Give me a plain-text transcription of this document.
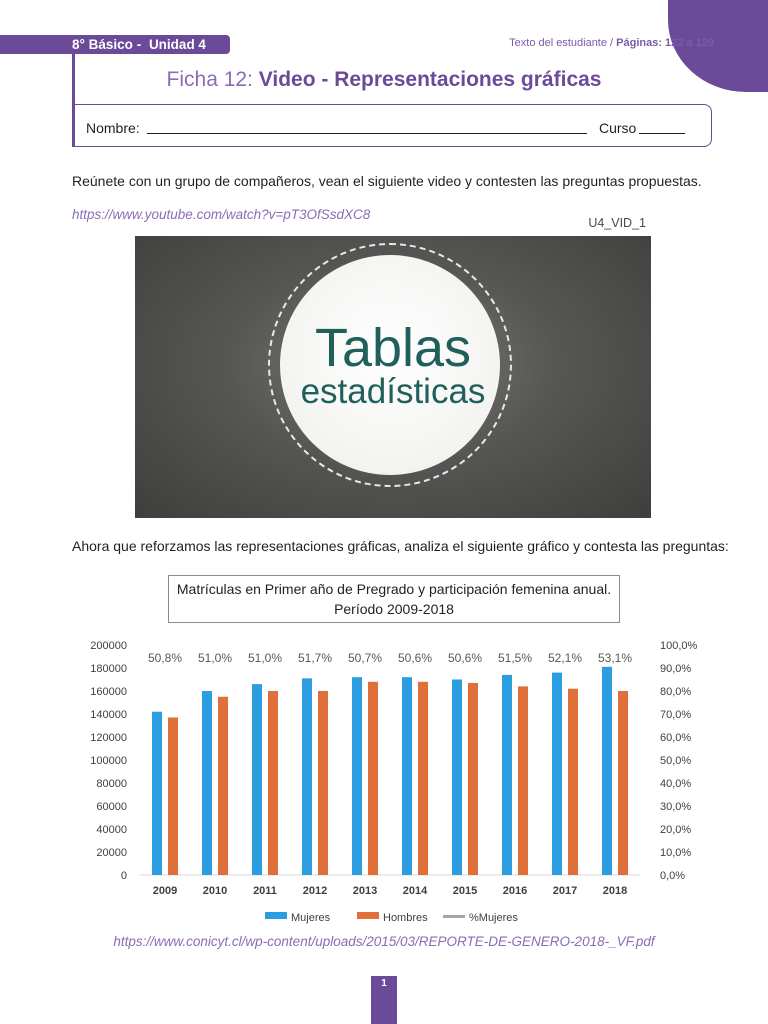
8° Básico - Unidad 4	Texto del estudiante / Páginas: 122 a 129
Ficha 12: Video - Representaciones gráficas
Nombre:	Curso
Reúnete con un grupo de compañeros, vean el siguiente video y contesten las preguntas propuestas.
https://www.youtube.com/watch?v=pT3OfSsdXC8
U4_VID_1
Tablas
estadísticas
Ahora que reforzamos las representaciones gráficas, analiza el siguiente gráfico y contesta las preguntas:
Matrículas en Primer año de Pregrado y participación femenina anual.
Período 2009-2018
0
20000
40000
60000
80000
100000
120000
140000
160000
180000
200000
0,0%
10,0%
20,0%
30,0%
40,0%
50,0%
60,0%
70,0%
80,0%
90,0%
100,0%
2009
50,8%
2010
51,0%
2011
51,0%
2012
51,7%
2013
50,7%
2014
50,6%
2015
50,6%
2016
51,5%
2017
52,1%
2018
53,1%
Mujeres	Hombres	%Mujeres
https://www.conicyt.cl/wp-content/uploads/2015/03/REPORTE-DE-GENERO-2018-_VF.pdf
1
